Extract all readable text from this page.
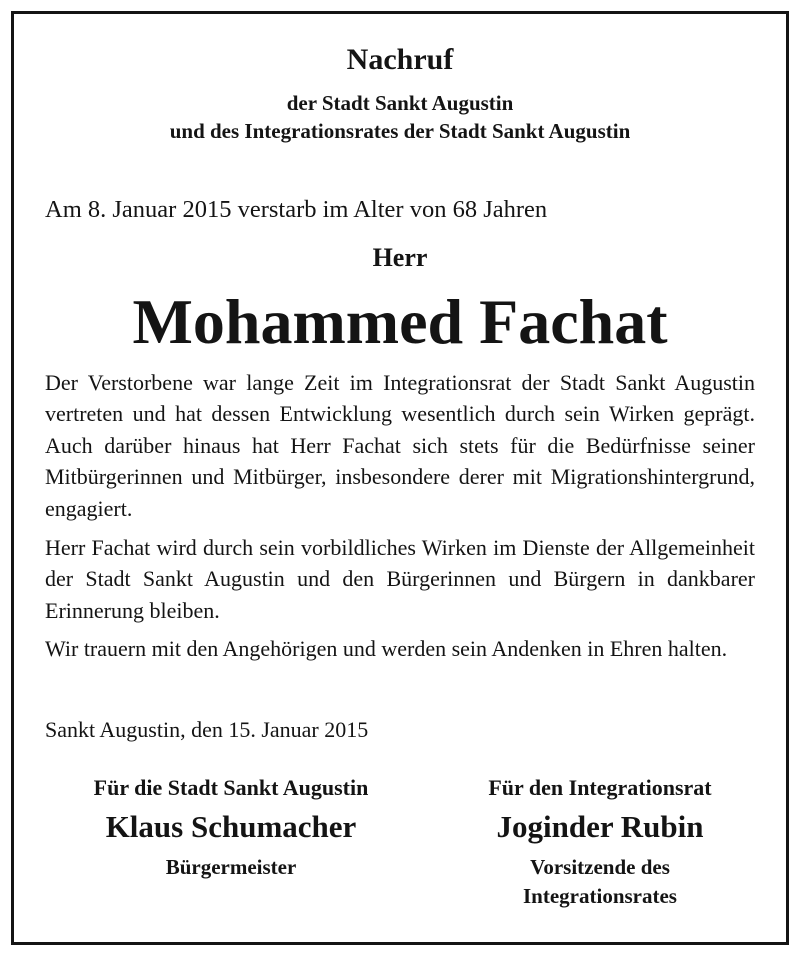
Nachruf
der Stadt Sankt Augustin
und des Integrationsrates der Stadt Sankt Augustin
Am 8. Januar 2015 verstarb im Alter von 68 Jahren
Herr
Mohammed Fachat

Der Verstorbene war lange Zeit im Integrationsrat der Stadt Sankt Augustin vertreten und hat dessen Entwicklung wesentlich durch sein Wirken geprägt. Auch darüber hinaus hat Herr Fachat sich stets für die Bedürfnisse seiner Mitbürgerinnen und Mitbürger, insbesondere derer mit Migrationshintergrund, engagiert.

Herr Fachat wird durch sein vorbildliches Wirken im Dienste der Allgemeinheit der Stadt Sankt Augustin und den Bürgerinnen und Bürgern in dankbarer Erinnerung bleiben.

Wir trauern mit den Angehörigen und werden sein Andenken in Ehren halten.

Sankt Augustin, den 15. Januar 2015
Für die Stadt Sankt Augustin
Klaus Schumacher
Bürgermeister
Für den Integrationsrat
Joginder Rubin
Vorsitzende des
Integrationsrates
